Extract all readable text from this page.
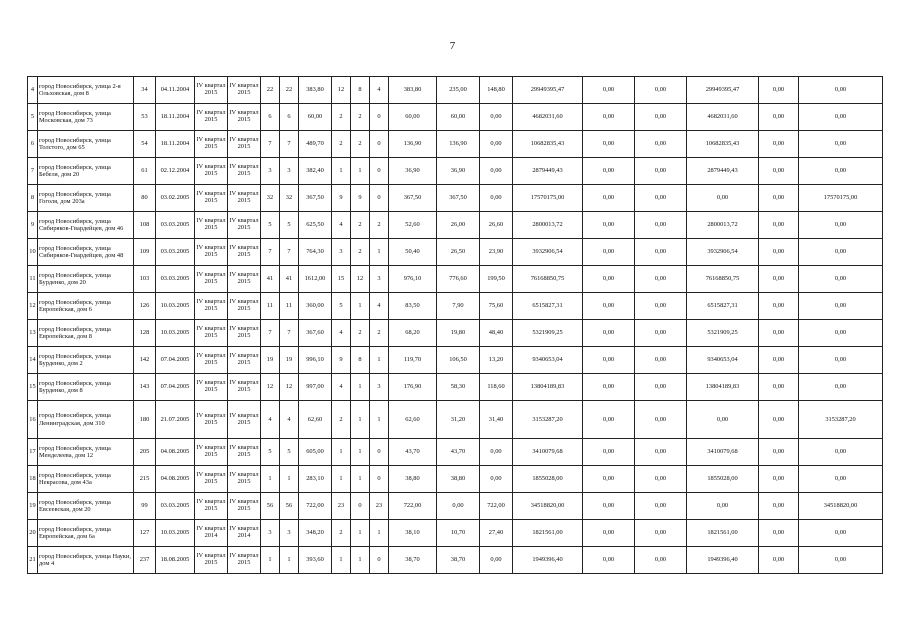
7
4	город Новосибирск, улица 2-я Ольховская, дом 8	34	04.11.2004	IV квартал 2015	IV квартал 2015	22	22	383,80	12	8	4	383,80	235,00	148,80	29949395,47	0,00	0,00	29949395,47	0,00	0,00
5	город Новосибирск, улица Московская, дом 73	53	18.11.2004	IV квартал 2015	IV квартал 2015	6	6	60,00	2	2	0	60,00	60,00	0,00	4682031,60	0,00	0,00	4682031,60	0,00	0,00
6	город Новосибирск, улица Толстого, дом 65	54	18.11.2004	IV квартал 2015	IV квартал 2015	7	7	489,70	2	2	0	136,90	136,90	0,00	10682835,43	0,00	0,00	10682835,43	0,00	0,00
7	город Новосибирск, улица Бебеля, дом 20	61	02.12.2004	IV квартал 2015	IV квартал 2015	3	3	382,40	1	1	0	36,90	36,90	0,00	2879449,43	0,00	0,00	2879449,43	0,00	0,00
8	город Новосибирск, улица Гоголя, дом 203а	80	03.02.2005	IV квартал 2015	IV квартал 2015	32	32	367,50	9	9	0	367,50	367,50	0,00	17570175,00	0,00	0,00	0,00	0,00	17570175,00
9	город Новосибирск, улица Сибиряков-Гвардейцев, дом 46	108	03.03.2005	IV квартал 2015	IV квартал 2015	5	5	625,50	4	2	2	52,60	26,00	26,60	2800013,72	0,00	0,00	2800013,72	0,00	0,00
10	город Новосибирск, улица Сибиряков-Гвардейцев, дом 48	109	03.03.2005	IV квартал 2015	IV квартал 2015	7	7	764,30	3	2	1	50,40	26,50	23,90	3932906,54	0,00	0,00	3932906,54	0,00	0,00
11	город Новосибирск, улица Бурденко, дом 20	103	03.03.2005	IV квартал 2015	IV квартал 2015	41	41	1612,00	15	12	3	976,10	776,60	199,50	76168850,75	0,00	0,00	76168850,75	0,00	0,00
12	город Новосибирск, улица Европейская, дом 6	126	10.03.2005	IV квартал 2015	IV квартал 2015	11	11	360,00	5	1	4	83,50	7,90	75,60	6515827,31	0,00	0,00	6515827,31	0,00	0,00
13	город Новосибирск, улица Европейская, дом 8	128	10.03.2005	IV квартал 2015	IV квартал 2015	7	7	367,60	4	2	2	68,20	19,80	48,40	5321909,25	0,00	0,00	5321909,25	0,00	0,00
14	город Новосибирск, улица Бурденко, дом 2	142	07.04.2005	IV квартал 2015	IV квартал 2015	19	19	996,10	9	8	1	119,70	106,50	13,20	9340653,04	0,00	0,00	9340653,04	0,00	0,00
15	город Новосибирск, улица Бурденко, дом 8	143	07.04.2005	IV квартал 2015	IV квартал 2015	12	12	997,00	4	1	3	176,90	58,30	118,60	13804189,83	0,00	0,00	13804189,83	0,00	0,00
16	город Новосибирск, улица Ленинградская, дом 310	180	21.07.2005	IV квартал 2015	IV квартал 2015	4	4	62,60	2	1	1	62,60	31,20	31,40	3153287,20	0,00	0,00	0,00	0,00	3153287,20
17	город Новосибирск, улица Менделеева, дом 12	205	04.08.2005	IV квартал 2015	IV квартал 2015	5	5	605,00	1	1	0	43,70	43,70	0,00	3410079,68	0,00	0,00	3410079,68	0,00	0,00
18	город Новосибирск, улица Некрасова, дом 43а	215	04.08.2005	IV квартал 2015	IV квартал 2015	1	1	283,10	1	1	0	38,80	38,80	0,00	1855028,00	0,00	0,00	1855028,00	0,00	0,00
19	город Новосибирск, улица Евсеевская, дом 20	99	03.03.2005	IV квартал 2015	IV квартал 2015	56	56	722,00	23	0	23	722,00	0,00	722,00	34518820,00	0,00	0,00	0,00	0,00	34518820,00
20	город Новосибирск, улица Европейская, дом 6а	127	10.03.2005	IV квартал 2014	IV квартал 2014	3	3	348,20	2	1	1	38,10	10,70	27,40	1821561,00	0,00	0,00	1821561,00	0,00	0,00
21	город Новосибирск, улица Науки, дом 4	237	18.08.2005	IV квартал 2015	IV квартал 2015	1	1	393,60	1	1	0	38,70	38,70	0,00	1949396,40	0,00	0,00	1949396,40	0,00	0,00
